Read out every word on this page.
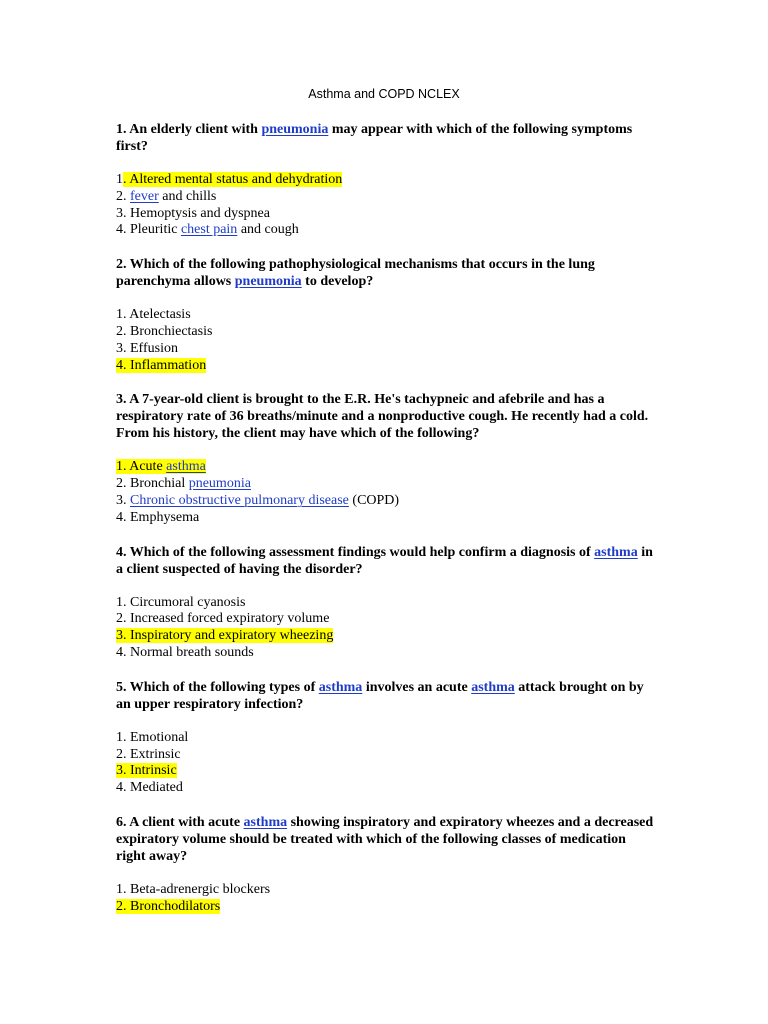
Asthma and COPD NCLEX

1. An elderly client with pneumonia may appear with which of the following symptoms first?

1. Altered mental status and dehydration
2. fever and chills
3. Hemoptysis and dyspnea
4. Pleuritic chest pain and cough

2. Which of the following pathophysiological mechanisms that occurs in the lung parenchyma allows pneumonia to develop?

1. Atelectasis
2. Bronchiectasis
3. Effusion
4. Inflammation

3. A 7-year-old client is brought to the E.R. He's tachypneic and afebrile and has a respiratory rate of 36 breaths/minute and a nonproductive cough. He recently had a cold. From his history, the client may have which of the following?

1. Acute asthma
2. Bronchial pneumonia
3. Chronic obstructive pulmonary disease (COPD)
4. Emphysema

4. Which of the following assessment findings would help confirm a diagnosis of asthma in a client suspected of having the disorder?

1. Circumoral cyanosis
2. Increased forced expiratory volume
3. Inspiratory and expiratory wheezing
4. Normal breath sounds

5. Which of the following types of asthma involves an acute asthma attack brought on by an upper respiratory infection?

1. Emotional
2. Extrinsic
3. Intrinsic
4. Mediated

6. A client with acute asthma showing inspiratory and expiratory wheezes and a decreased expiratory volume should be treated with which of the following classes of medication right away?

1. Beta-adrenergic blockers
2. Bronchodilators
